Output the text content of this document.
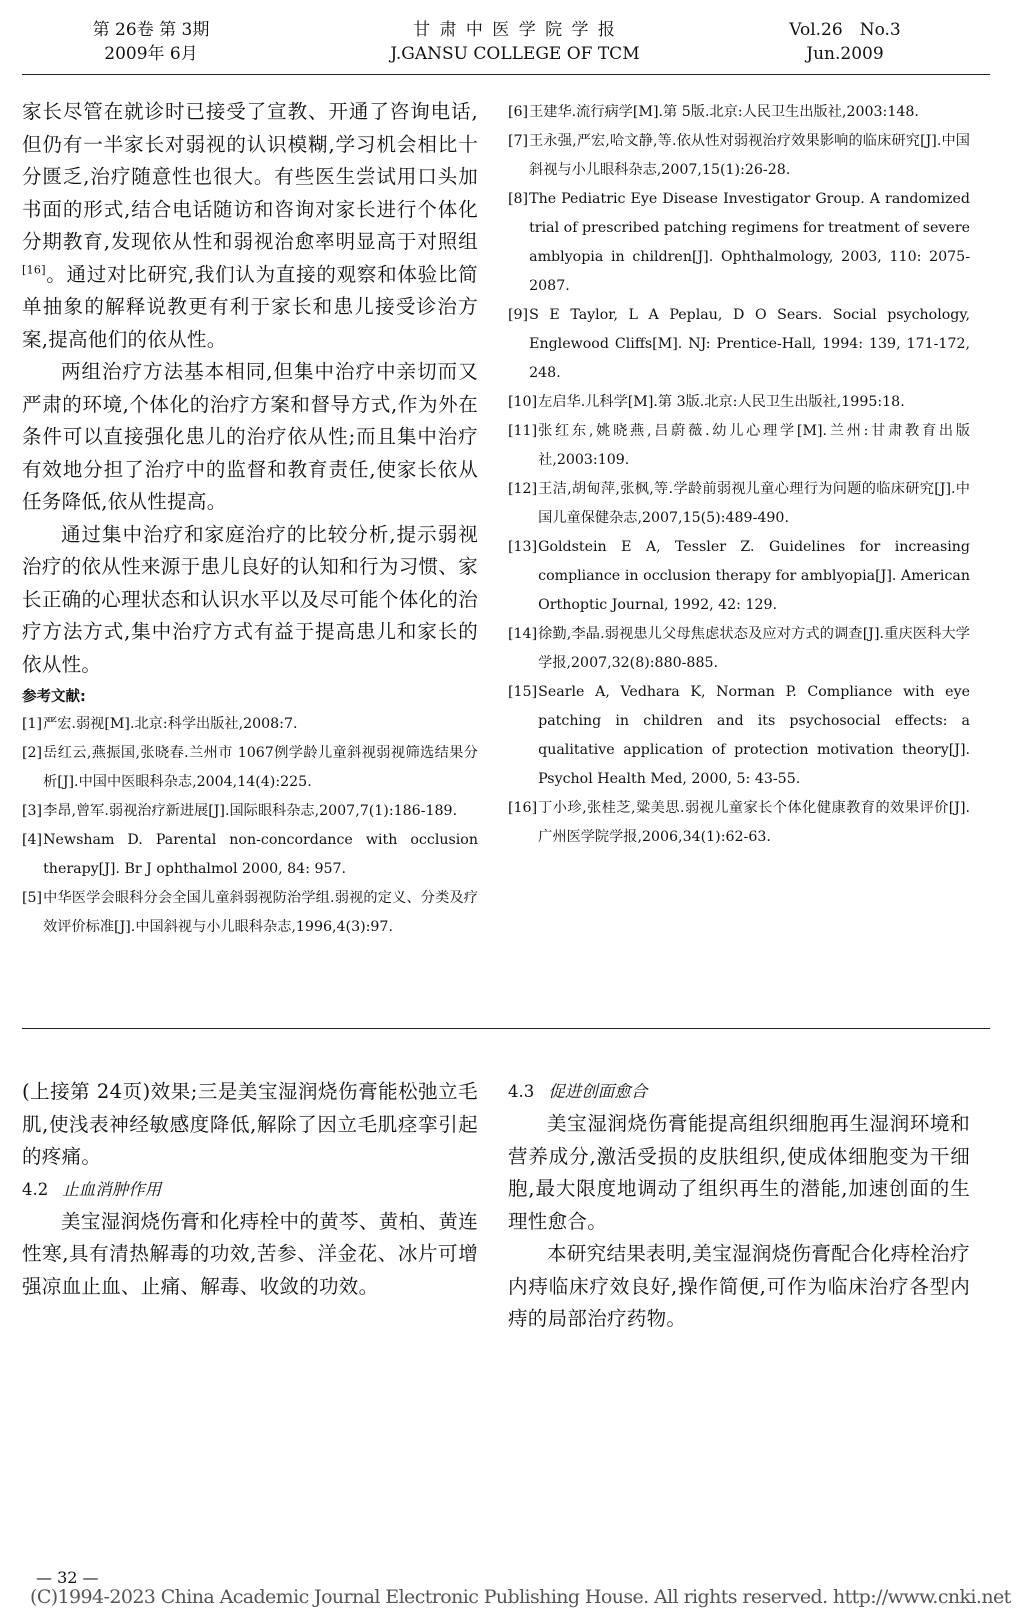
第 26卷 第 3期
2009年 6月
甘 肃 中 医 学 院 学 报
J.GANSU COLLEGE OF TCM
Vol.26　No.3
Jun.2009

家长尽管在就诊时已接受了宣教、开通了咨询电话,但仍有一半家长对弱视的认识模糊,学习机会相比十分匮乏,治疗随意性也很大。有些医生尝试用口头加书面的形式,结合电话随访和咨询对家长进行个体化分期教育,发现依从性和弱视治愈率明显高于对照组[16]。通过对比研究,我们认为直接的观察和体验比简单抽象的解释说教更有利于家长和患儿接受诊治方案,提高他们的依从性。

两组治疗方法基本相同,但集中治疗中亲切而又严肃的环境,个体化的治疗方案和督导方式,作为外在条件可以直接强化患儿的治疗依从性;而且集中治疗有效地分担了治疗中的监督和教育责任,使家长依从任务降低,依从性提高。

通过集中治疗和家庭治疗的比较分析,提示弱视治疗的依从性来源于患儿良好的认知和行为习惯、家长正确的心理状态和认识水平以及尽可能个体化的治疗方法方式,集中治疗方式有益于提高患儿和家长的依从性。

参考文献:
[1] 严宏.弱视[M].北京:科学出版社,2008:7.
[2] 岳红云,燕振国,张晓春.兰州市 1067例学龄儿童斜视弱视筛选结果分析[J].中国中医眼科杂志,2004,14(4):225.
[3] 李昂,曾军.弱视治疗新进展[J].国际眼科杂志,2007,7(1):186-189.
[4] Newsham D. Parental non-concordance with occlusion therapy[J]. Br J ophthalmol 2000, 84: 957.
[5] 中华医学会眼科分会全国儿童斜弱视防治学组.弱视的定义、分类及疗效评价标准[J].中国斜视与小儿眼科杂志,1996,4(3):97.
[6] 王建华.流行病学[M].第 5版.北京:人民卫生出版社,2003:148.
[7] 王永强,严宏,哈文静,等.依从性对弱视治疗效果影响的临床研究[J].中国斜视与小儿眼科杂志,2007,15(1):26-28.
[8] The Pediatric Eye Disease Investigator Group. A randomized trial of prescribed patching regimens for treatment of severe amblyopia in children[J]. Ophthalmology, 2003, 110: 2075-2087.
[9] S E Taylor, L A Peplau, D O Sears. Social psychology, Englewood Cliffs[M]. NJ: Prentice-Hall, 1994: 139, 171-172, 248.
[10] 左启华.儿科学[M].第 3版.北京:人民卫生出版社,1995:18.
[11] 张红东,姚晓燕,吕蔚薇.幼儿心理学[M].兰州:甘肃教育出版社,2003:109.
[12] 王洁,胡甸萍,张枫,等.学龄前弱视儿童心理行为问题的临床研究[J].中国儿童保健杂志,2007,15(5):489-490.
[13] Goldstein E A, Tessler Z. Guidelines for increasing compliance in occlusion therapy for amblyopia[J]. American Orthoptic Journal, 1992, 42: 129.
[14] 徐勤,李晶.弱视患儿父母焦虑状态及应对方式的调查[J].重庆医科大学学报,2007,32(8):880-885.
[15] Searle A, Vedhara K, Norman P. Compliance with eye patching in children and its psychosocial effects: a qualitative application of protection motivation theory[J]. Psychol Health Med, 2000, 5: 43-55.
[16] 丁小珍,张桂芝,粱美思.弱视儿童家长个体化健康教育的效果评价[J].广州医学院学报,2006,34(1):62-63.

(上接第 24页)效果;三是美宝湿润烧伤膏能松弛立毛肌,使浅表神经敏感度降低,解除了因立毛肌痉挛引起的疼痛。

4.2 止血消肿作用

美宝湿润烧伤膏和化痔栓中的黄芩、黄柏、黄连性寒,具有清热解毒的功效,苦参、洋金花、冰片可增强凉血止血、止痛、解毒、收敛的功效。

4.3 促进创面愈合

美宝湿润烧伤膏能提高组织细胞再生湿润环境和营养成分,激活受损的皮肤组织,使成体细胞变为干细胞,最大限度地调动了组织再生的潜能,加速创面的生理性愈合。

本研究结果表明,美宝湿润烧伤膏配合化痔栓治疗内痔临床疗效良好,操作简便,可作为临床治疗各型内痔的局部治疗药物。

— 32 —
(C)1994-2023 China Academic Journal Electronic Publishing House. All rights reserved. http://www.cnki.net
